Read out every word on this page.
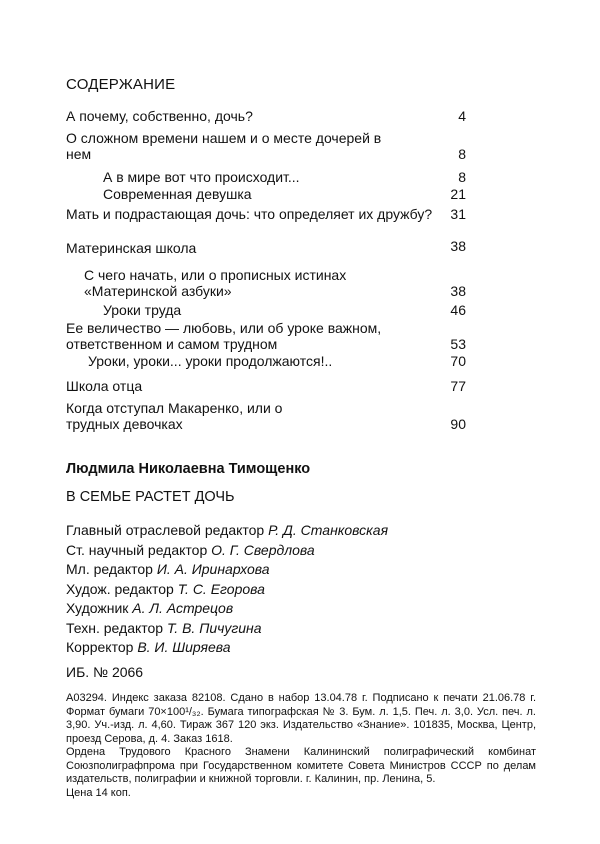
СОДЕРЖАНИЕ
А почему, собственно, дочь?	4
О сложном времени нашем и о месте дочерей в нем	8
А в мире вот что происходит...	8
Современная девушка	21
Мать и подрастающая дочь: что определяет их дружбу?	31
Материнская школа	38
С чего начать, или о прописных истинах «Материнской азбуки»	38
Уроки труда	46
Ее величество — любовь, или об уроке важном, ответственном и самом трудном	53
Уроки, уроки... уроки продолжаются!..	70
Школа отца	77
Когда отступал Макаренко, или о трудных девочках	90
Людмила Николаевна Тимощенко
В СЕМЬЕ РАСТЕТ ДОЧЬ
Главный отраслевой редактор Р. Д. Станковская
Ст. научный редактор О. Г. Свердлова
Мл. редактор И. А. Иринархова
Худож. редактор Т. С. Егорова
Художник А. Л. Астрецов
Техн. редактор Т. В. Пичугина
Корректор В. И. Ширяева
ИБ. № 2066
А03294. Индекс заказа 82108. Сдано в набор 13.04.78 г. Подписано к печати 21.06.78 г. Формат бумаги 70×100¹/₃₂. Бумага типографская № 3. Бум. л. 1,5. Печ. л. 3,0. Усл. печ. л. 3,90. Уч.-изд. л. 4,60. Тираж 367 120 экз. Издательство «Знание». 101835, Москва, Центр, проезд Серова, д. 4. Заказ 1618.
Ордена Трудового Красного Знамени Калининский полиграфический комбинат Союзполиграфпрома при Государственном комитете Совета Министров СССР по делам издательств, полиграфии и книжной торговли. г. Калинин, пр. Ленина, 5.
Цена 14 коп.
